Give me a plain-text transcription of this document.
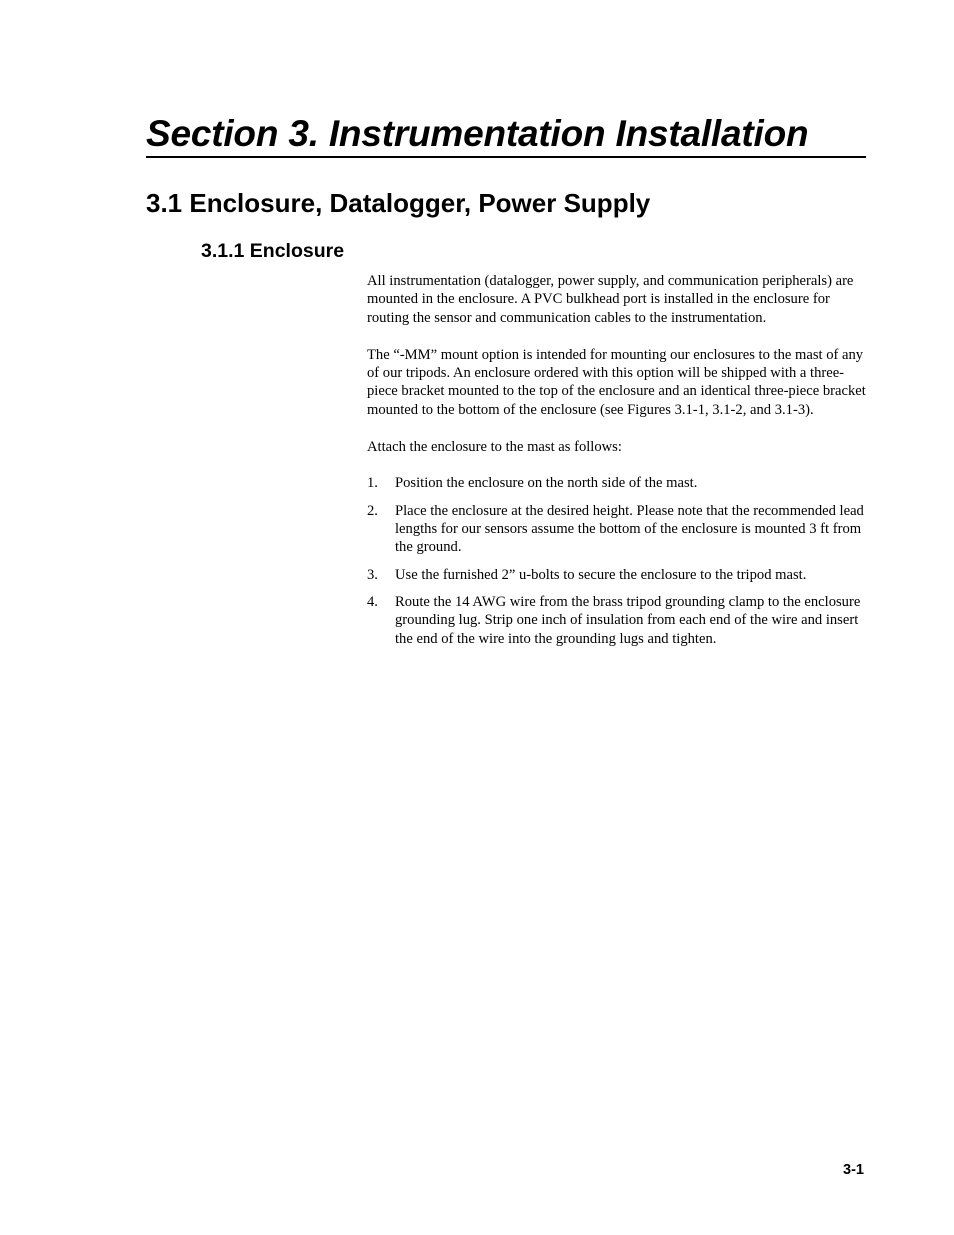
Section 3. Instrumentation Installation
3.1 Enclosure, Datalogger, Power Supply
3.1.1 Enclosure

All instrumentation (datalogger, power supply, and communication peripherals) are mounted in the enclosure. A PVC bulkhead port is installed in the enclosure for routing the sensor and communication cables to the instrumentation.

The “-MM” mount option is intended for mounting our enclosures to the mast of any of our tripods. An enclosure ordered with this option will be shipped with a three-piece bracket mounted to the top of the enclosure and an identical three-piece bracket mounted to the bottom of the enclosure (see Figures 3.1-1, 3.1-2, and 3.1-3).

Attach the enclosure to the mast as follows:

1. Position the enclosure on the north side of the mast.
2. Place the enclosure at the desired height. Please note that the recommended lead lengths for our sensors assume the bottom of the enclosure is mounted 3 ft from the ground.
3. Use the furnished 2” u-bolts to secure the enclosure to the tripod mast.
4. Route the 14 AWG wire from the brass tripod grounding clamp to the enclosure grounding lug. Strip one inch of insulation from each end of the wire and insert the end of the wire into the grounding lugs and tighten.
3-1
